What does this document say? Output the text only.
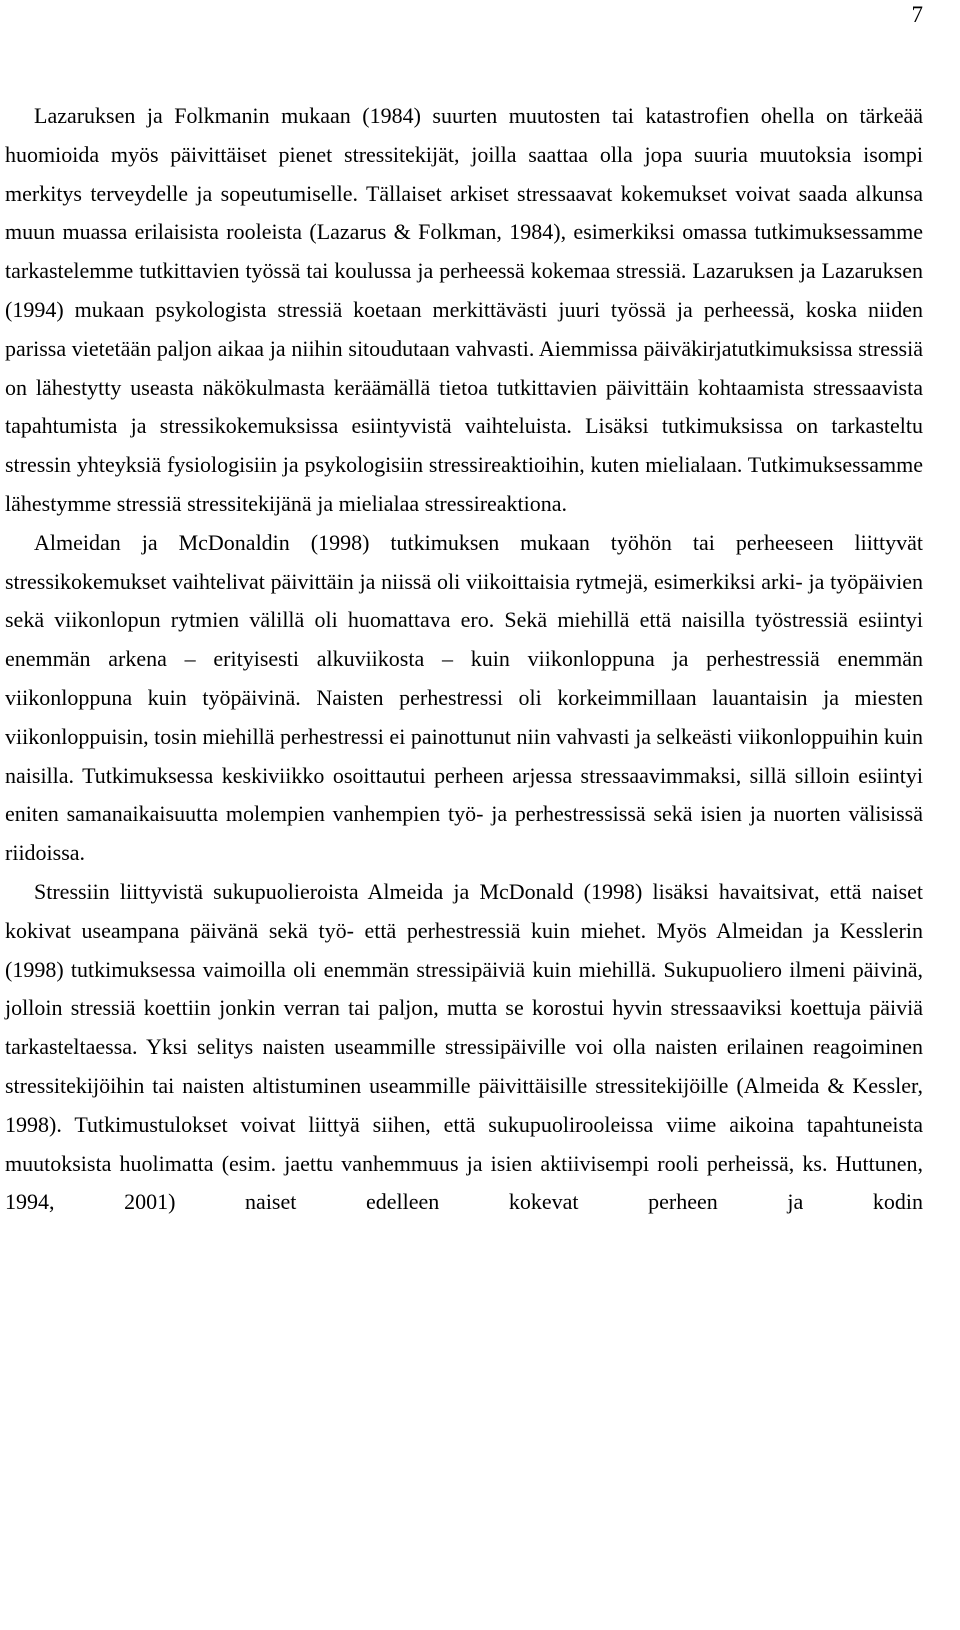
7

Lazaruksen ja Folkmanin mukaan (1984) suurten muutosten tai katastrofien ohella on tärkeää huomioida myös päivittäiset pienet stressitekijät, joilla saattaa olla jopa suuria muutoksia isompi merkitys terveydelle ja sopeutumiselle. Tällaiset arkiset stressaavat kokemukset voivat saada alkunsa muun muassa erilaisista rooleista (Lazarus & Folkman, 1984), esimerkiksi omassa tutkimuksessamme tarkastelemme tutkittavien työssä tai koulussa ja perheessä kokemaa stressiä. Lazaruksen ja Lazaruksen (1994) mukaan psykologista stressiä koetaan merkittävästi juuri työssä ja perheessä, koska niiden parissa vietetään paljon aikaa ja niihin sitoudutaan vahvasti. Aiemmissa päiväkirjatutkimuksissa stressiä on lähestytty useasta näkökulmasta keräämällä tietoa tutkittavien päivittäin kohtaamista stressaavista tapahtumista ja stressikokemuksissa esiintyvistä vaihteluista. Lisäksi tutkimuksissa on tarkasteltu stressin yhteyksiä fysiologisiin ja psykologisiin stressireaktioihin, kuten mielialaan. Tutkimuksessamme lähestymme stressiä stressitekijänä ja mielialaa stressireaktiona.

Almeidan ja McDonaldin (1998) tutkimuksen mukaan työhön tai perheeseen liittyvät stressikokemukset vaihtelivat päivittäin ja niissä oli viikoittaisia rytmejä, esimerkiksi arki- ja työpäivien sekä viikonlopun rytmien välillä oli huomattava ero. Sekä miehillä että naisilla työstressiä esiintyi enemmän arkena – erityisesti alkuviikosta – kuin viikonloppuna ja perhestressiä enemmän viikonloppuna kuin työpäivinä. Naisten perhestressi oli korkeimmillaan lauantaisin ja miesten viikonloppuisin, tosin miehillä perhestressi ei painottunut niin vahvasti ja selkeästi viikonloppuihin kuin naisilla. Tutkimuksessa keskiviikko osoittautui perheen arjessa stressaavimmaksi, sillä silloin esiintyi eniten samanaikaisuutta molempien vanhempien työ- ja perhestressissä sekä isien ja nuorten välisissä riidoissa.

Stressiin liittyvistä sukupuolieroista Almeida ja McDonald (1998) lisäksi havaitsivat, että naiset kokivat useampana päivänä sekä työ- että perhestressiä kuin miehet. Myös Almeidan ja Kesslerin (1998) tutkimuksessa vaimoilla oli enemmän stressipäiviä kuin miehillä. Sukupuoliero ilmeni päivinä, jolloin stressiä koettiin jonkin verran tai paljon, mutta se korostui hyvin stressaaviksi koettuja päiviä tarkasteltaessa. Yksi selitys naisten useammille stressipäiville voi olla naisten erilainen reagoiminen stressitekijöihin tai naisten altistuminen useammille päivittäisille stressitekijöille (Almeida & Kessler, 1998). Tutkimustulokset voivat liittyä siihen, että sukupuolirooleissa viime aikoina tapahtuneista muutoksista huolimatta (esim. jaettu vanhemmuus ja isien aktiivisempi rooli perheissä, ks. Huttunen, 1994, 2001) naiset edelleen kokevat perheen ja kodin
